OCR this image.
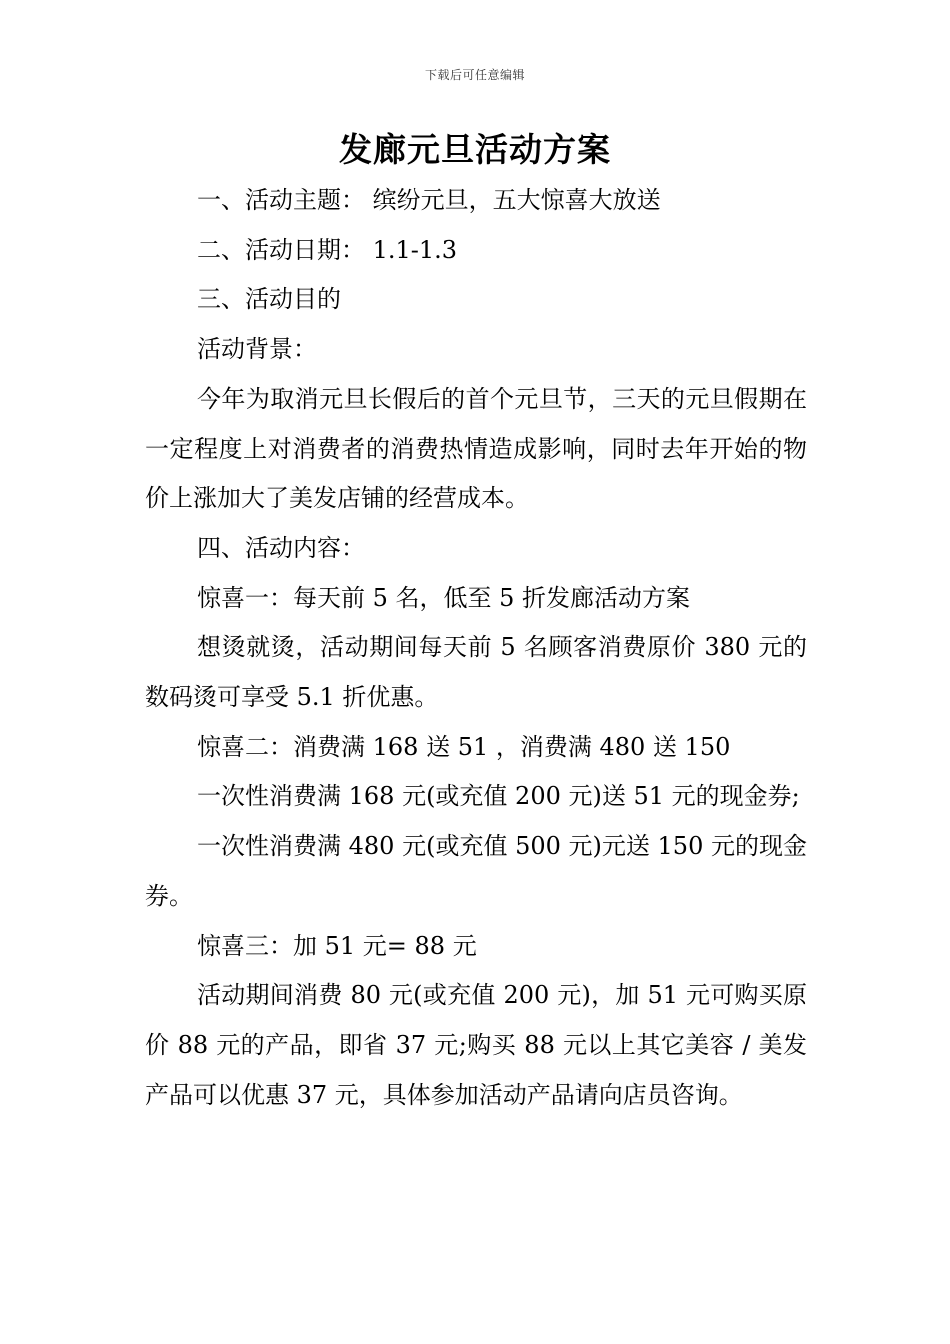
下载后可任意编辑
发廊元旦活动方案

一、活动主题： 缤纷元旦，五大惊喜大放送

二、活动日期： 1.1-1.3

三、活动目的

活动背景：

今年为取消元旦长假后的首个元旦节，三天的元旦假期在一定程度上对消费者的消费热情造成影响，同时去年开始的物价上涨加大了美发店铺的经营成本。

四、活动内容：

惊喜一：每天前 5 名，低至 5 折发廊活动方案

想烫就烫，活动期间每天前 5 名顾客消费原价 380 元的数码烫可享受 5.1 折优惠。

惊喜二：消费满 168 送 51 ，消费满 480 送 150

一次性消费满 168 元(或充值 200 元)送 51 元的现金券;

一次性消费满 480 元(或充值 500 元)元送 150 元的现金券。

惊喜三：加 51 元= 88 元

活动期间消费 80 元(或充值 200 元)，加 51 元可购买原价 88 元的产品，即省 37 元;购买 88 元以上其它美容 / 美发产品可以优惠 37 元，具体参加活动产品请向店员咨询。
